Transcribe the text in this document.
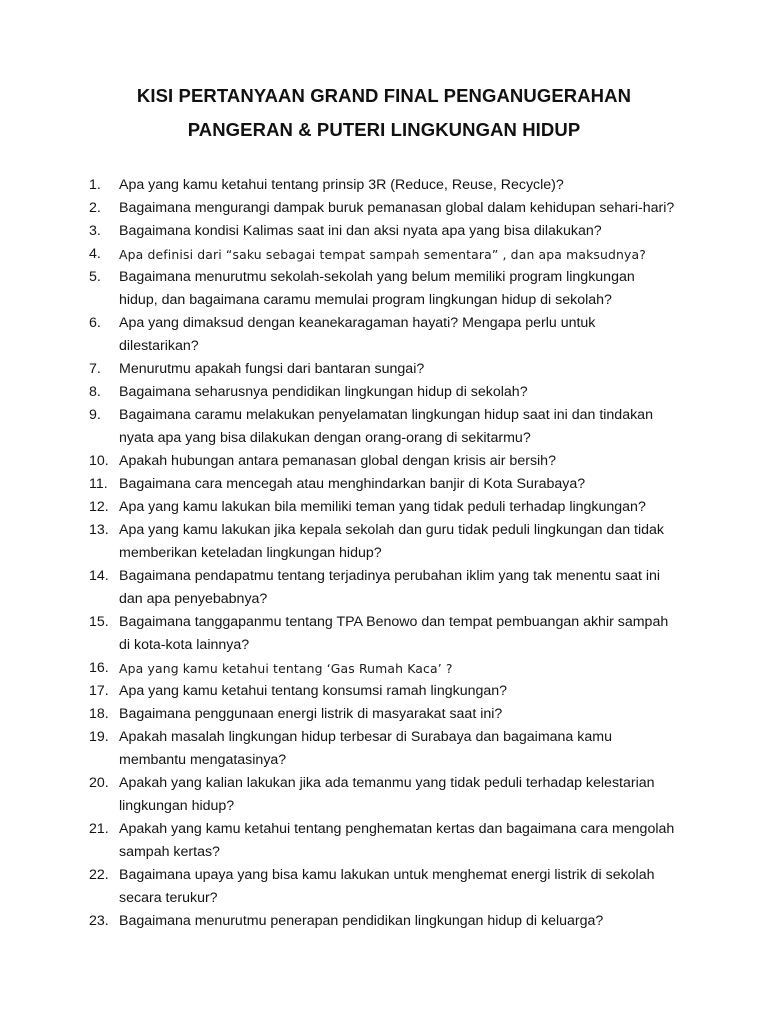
KISI PERTANYAAN GRAND FINAL PENGANUGERAHAN
PANGERAN & PUTERI LINGKUNGAN HIDUP
1.	Apa yang kamu ketahui tentang prinsip 3R (Reduce, Reuse, Recycle)?
2.	Bagaimana mengurangi dampak buruk pemanasan global dalam kehidupan sehari-hari?
3.	Bagaimana kondisi Kalimas saat ini dan aksi nyata apa yang bisa dilakukan?
4.	Apa definisi dari “saku sebagai tempat sampah sementara” , dan apa maksudnya?
5.	Bagaimana menurutmu sekolah-sekolah yang belum memiliki program lingkungan
hidup, dan bagaimana caramu memulai program lingkungan hidup di sekolah?
6.	Apa yang dimaksud dengan keanekaragaman hayati? Mengapa perlu untuk
dilestarikan?
7.	Menurutmu apakah fungsi dari bantaran sungai?
8.	Bagaimana seharusnya pendidikan lingkungan hidup di sekolah?
9.	Bagaimana caramu melakukan penyelamatan lingkungan hidup saat ini dan tindakan
nyata apa yang bisa dilakukan dengan orang-orang di sekitarmu?
10. Apakah hubungan antara pemanasan global dengan krisis air bersih?
11. Bagaimana cara mencegah atau menghindarkan banjir di Kota Surabaya?
12. Apa yang kamu lakukan bila memiliki teman yang tidak peduli terhadap lingkungan?
13. Apa yang kamu lakukan jika kepala sekolah dan guru tidak peduli lingkungan dan tidak
memberikan keteladan lingkungan hidup?
14. Bagaimana pendapatmu tentang terjadinya perubahan iklim yang tak menentu saat ini
dan apa penyebabnya?
15. Bagaimana tanggapanmu tentang TPA Benowo dan tempat pembuangan akhir sampah
di kota-kota lainnya?
16. Apa yang kamu ketahui tentang ‘Gas Rumah Kaca’ ?
17. Apa yang kamu ketahui tentang konsumsi ramah lingkungan?
18. Bagaimana penggunaan energi listrik di masyarakat saat ini?
19. Apakah masalah lingkungan hidup terbesar di Surabaya dan bagaimana kamu
membantu mengatasinya?
20. Apakah yang kalian lakukan jika ada temanmu yang tidak peduli terhadap kelestarian
lingkungan hidup?
21. Apakah yang kamu ketahui tentang penghematan kertas dan bagaimana cara mengolah
sampah kertas?
22. Bagaimana upaya yang bisa kamu lakukan untuk menghemat energi listrik di sekolah
secara terukur?
23. Bagaimana menurutmu penerapan pendidikan lingkungan hidup di keluarga?
